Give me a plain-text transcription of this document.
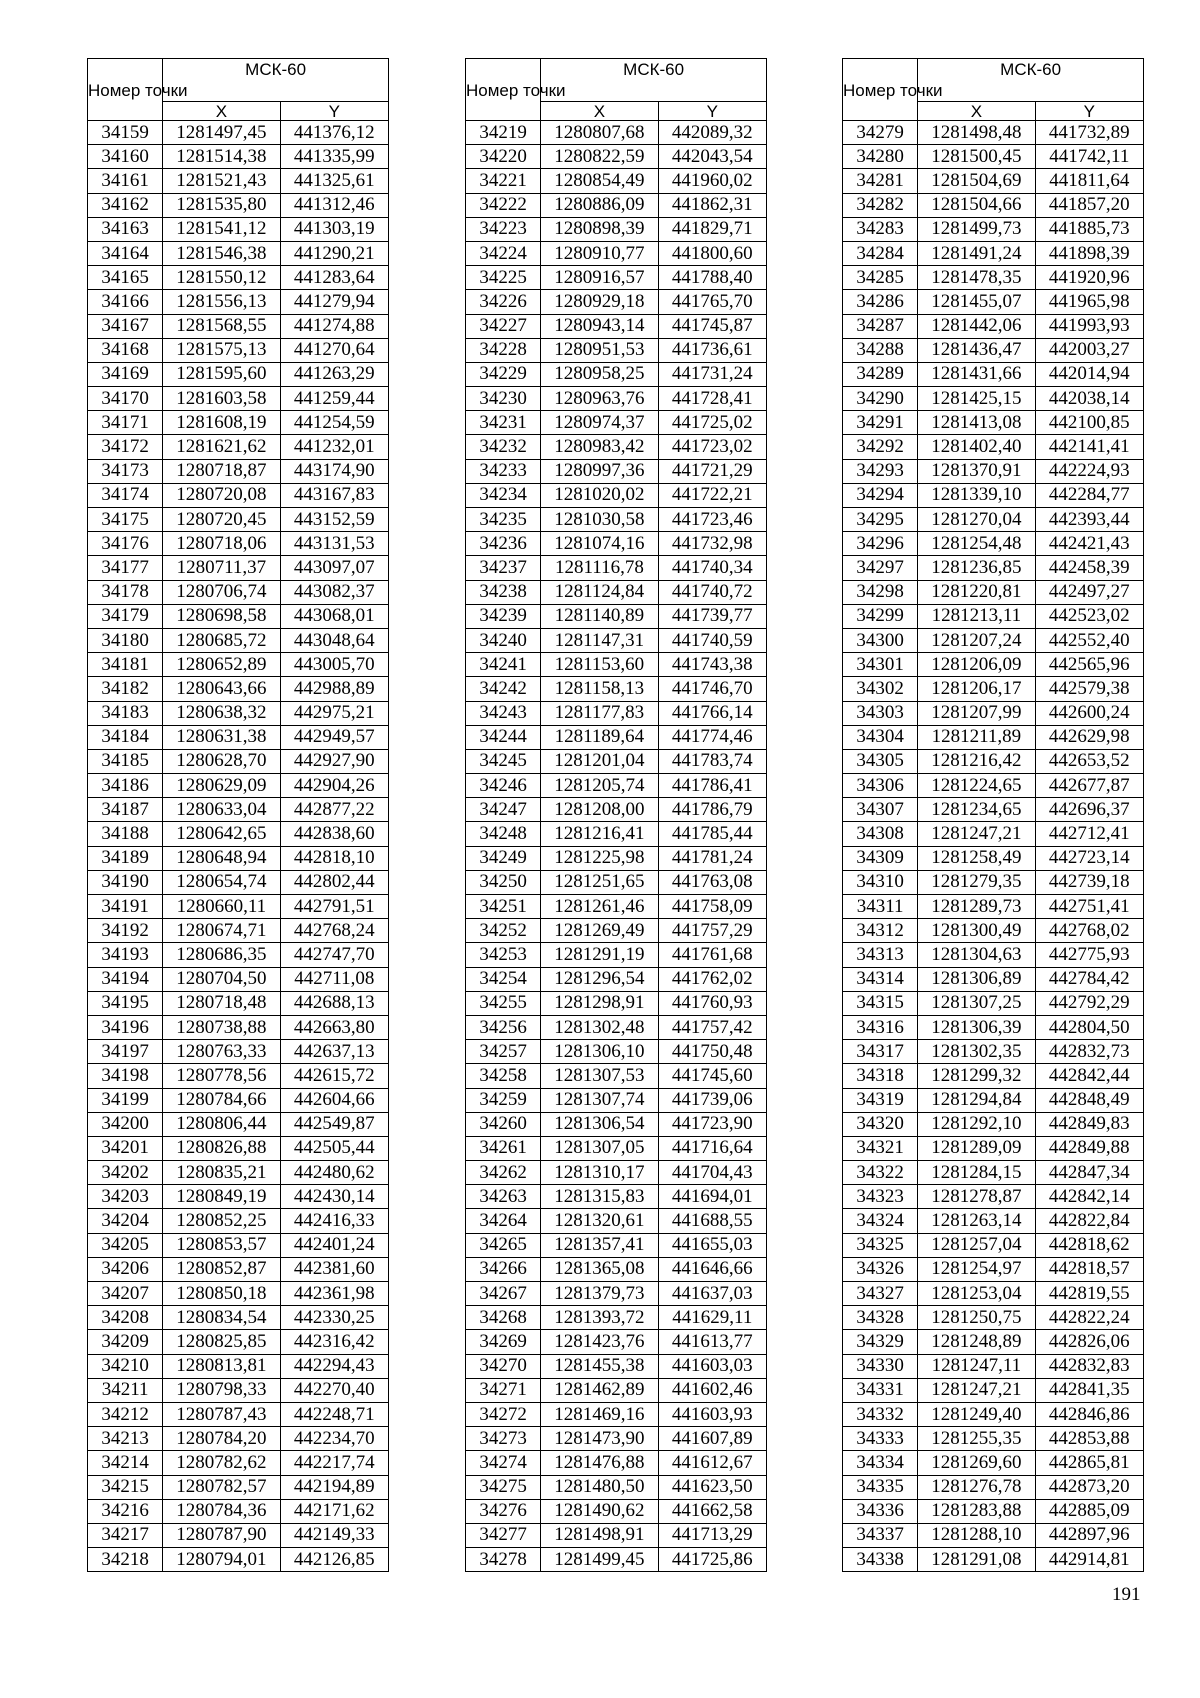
Номер точки	МСК-60	
	X	Y
34159	1281497,45	441376,12
34160	1281514,38	441335,99
34161	1281521,43	441325,61
34162	1281535,80	441312,46
34163	1281541,12	441303,19
34164	1281546,38	441290,21
34165	1281550,12	441283,64
34166	1281556,13	441279,94
34167	1281568,55	441274,88
34168	1281575,13	441270,64
34169	1281595,60	441263,29
34170	1281603,58	441259,44
34171	1281608,19	441254,59
34172	1281621,62	441232,01
34173	1280718,87	443174,90
34174	1280720,08	443167,83
34175	1280720,45	443152,59
34176	1280718,06	443131,53
34177	1280711,37	443097,07
34178	1280706,74	443082,37
34179	1280698,58	443068,01
34180	1280685,72	443048,64
34181	1280652,89	443005,70
34182	1280643,66	442988,89
34183	1280638,32	442975,21
34184	1280631,38	442949,57
34185	1280628,70	442927,90
34186	1280629,09	442904,26
34187	1280633,04	442877,22
34188	1280642,65	442838,60
34189	1280648,94	442818,10
34190	1280654,74	442802,44
34191	1280660,11	442791,51
34192	1280674,71	442768,24
34193	1280686,35	442747,70
34194	1280704,50	442711,08
34195	1280718,48	442688,13
34196	1280738,88	442663,80
34197	1280763,33	442637,13
34198	1280778,56	442615,72
34199	1280784,66	442604,66
34200	1280806,44	442549,87
34201	1280826,88	442505,44
34202	1280835,21	442480,62
34203	1280849,19	442430,14
34204	1280852,25	442416,33
34205	1280853,57	442401,24
34206	1280852,87	442381,60
34207	1280850,18	442361,98
34208	1280834,54	442330,25
34209	1280825,85	442316,42
34210	1280813,81	442294,43
34211	1280798,33	442270,40
34212	1280787,43	442248,71
34213	1280784,20	442234,70
34214	1280782,62	442217,74
34215	1280782,57	442194,89
34216	1280784,36	442171,62
34217	1280787,90	442149,33
34218	1280794,01	442126,85
Номер точки	МСК-60	
	X	Y
34219	1280807,68	442089,32
34220	1280822,59	442043,54
34221	1280854,49	441960,02
34222	1280886,09	441862,31
34223	1280898,39	441829,71
34224	1280910,77	441800,60
34225	1280916,57	441788,40
34226	1280929,18	441765,70
34227	1280943,14	441745,87
34228	1280951,53	441736,61
34229	1280958,25	441731,24
34230	1280963,76	441728,41
34231	1280974,37	441725,02
34232	1280983,42	441723,02
34233	1280997,36	441721,29
34234	1281020,02	441722,21
34235	1281030,58	441723,46
34236	1281074,16	441732,98
34237	1281116,78	441740,34
34238	1281124,84	441740,72
34239	1281140,89	441739,77
34240	1281147,31	441740,59
34241	1281153,60	441743,38
34242	1281158,13	441746,70
34243	1281177,83	441766,14
34244	1281189,64	441774,46
34245	1281201,04	441783,74
34246	1281205,74	441786,41
34247	1281208,00	441786,79
34248	1281216,41	441785,44
34249	1281225,98	441781,24
34250	1281251,65	441763,08
34251	1281261,46	441758,09
34252	1281269,49	441757,29
34253	1281291,19	441761,68
34254	1281296,54	441762,02
34255	1281298,91	441760,93
34256	1281302,48	441757,42
34257	1281306,10	441750,48
34258	1281307,53	441745,60
34259	1281307,74	441739,06
34260	1281306,54	441723,90
34261	1281307,05	441716,64
34262	1281310,17	441704,43
34263	1281315,83	441694,01
34264	1281320,61	441688,55
34265	1281357,41	441655,03
34266	1281365,08	441646,66
34267	1281379,73	441637,03
34268	1281393,72	441629,11
34269	1281423,76	441613,77
34270	1281455,38	441603,03
34271	1281462,89	441602,46
34272	1281469,16	441603,93
34273	1281473,90	441607,89
34274	1281476,88	441612,67
34275	1281480,50	441623,50
34276	1281490,62	441662,58
34277	1281498,91	441713,29
34278	1281499,45	441725,86
Номер точки	МСК-60	
	X	Y
34279	1281498,48	441732,89
34280	1281500,45	441742,11
34281	1281504,69	441811,64
34282	1281504,66	441857,20
34283	1281499,73	441885,73
34284	1281491,24	441898,39
34285	1281478,35	441920,96
34286	1281455,07	441965,98
34287	1281442,06	441993,93
34288	1281436,47	442003,27
34289	1281431,66	442014,94
34290	1281425,15	442038,14
34291	1281413,08	442100,85
34292	1281402,40	442141,41
34293	1281370,91	442224,93
34294	1281339,10	442284,77
34295	1281270,04	442393,44
34296	1281254,48	442421,43
34297	1281236,85	442458,39
34298	1281220,81	442497,27
34299	1281213,11	442523,02
34300	1281207,24	442552,40
34301	1281206,09	442565,96
34302	1281206,17	442579,38
34303	1281207,99	442600,24
34304	1281211,89	442629,98
34305	1281216,42	442653,52
34306	1281224,65	442677,87
34307	1281234,65	442696,37
34308	1281247,21	442712,41
34309	1281258,49	442723,14
34310	1281279,35	442739,18
34311	1281289,73	442751,41
34312	1281300,49	442768,02
34313	1281304,63	442775,93
34314	1281306,89	442784,42
34315	1281307,25	442792,29
34316	1281306,39	442804,50
34317	1281302,35	442832,73
34318	1281299,32	442842,44
34319	1281294,84	442848,49
34320	1281292,10	442849,83
34321	1281289,09	442849,88
34322	1281284,15	442847,34
34323	1281278,87	442842,14
34324	1281263,14	442822,84
34325	1281257,04	442818,62
34326	1281254,97	442818,57
34327	1281253,04	442819,55
34328	1281250,75	442822,24
34329	1281248,89	442826,06
34330	1281247,11	442832,83
34331	1281247,21	442841,35
34332	1281249,40	442846,86
34333	1281255,35	442853,88
34334	1281269,60	442865,81
34335	1281276,78	442873,20
34336	1281283,88	442885,09
34337	1281288,10	442897,96
34338	1281291,08	442914,81
191
